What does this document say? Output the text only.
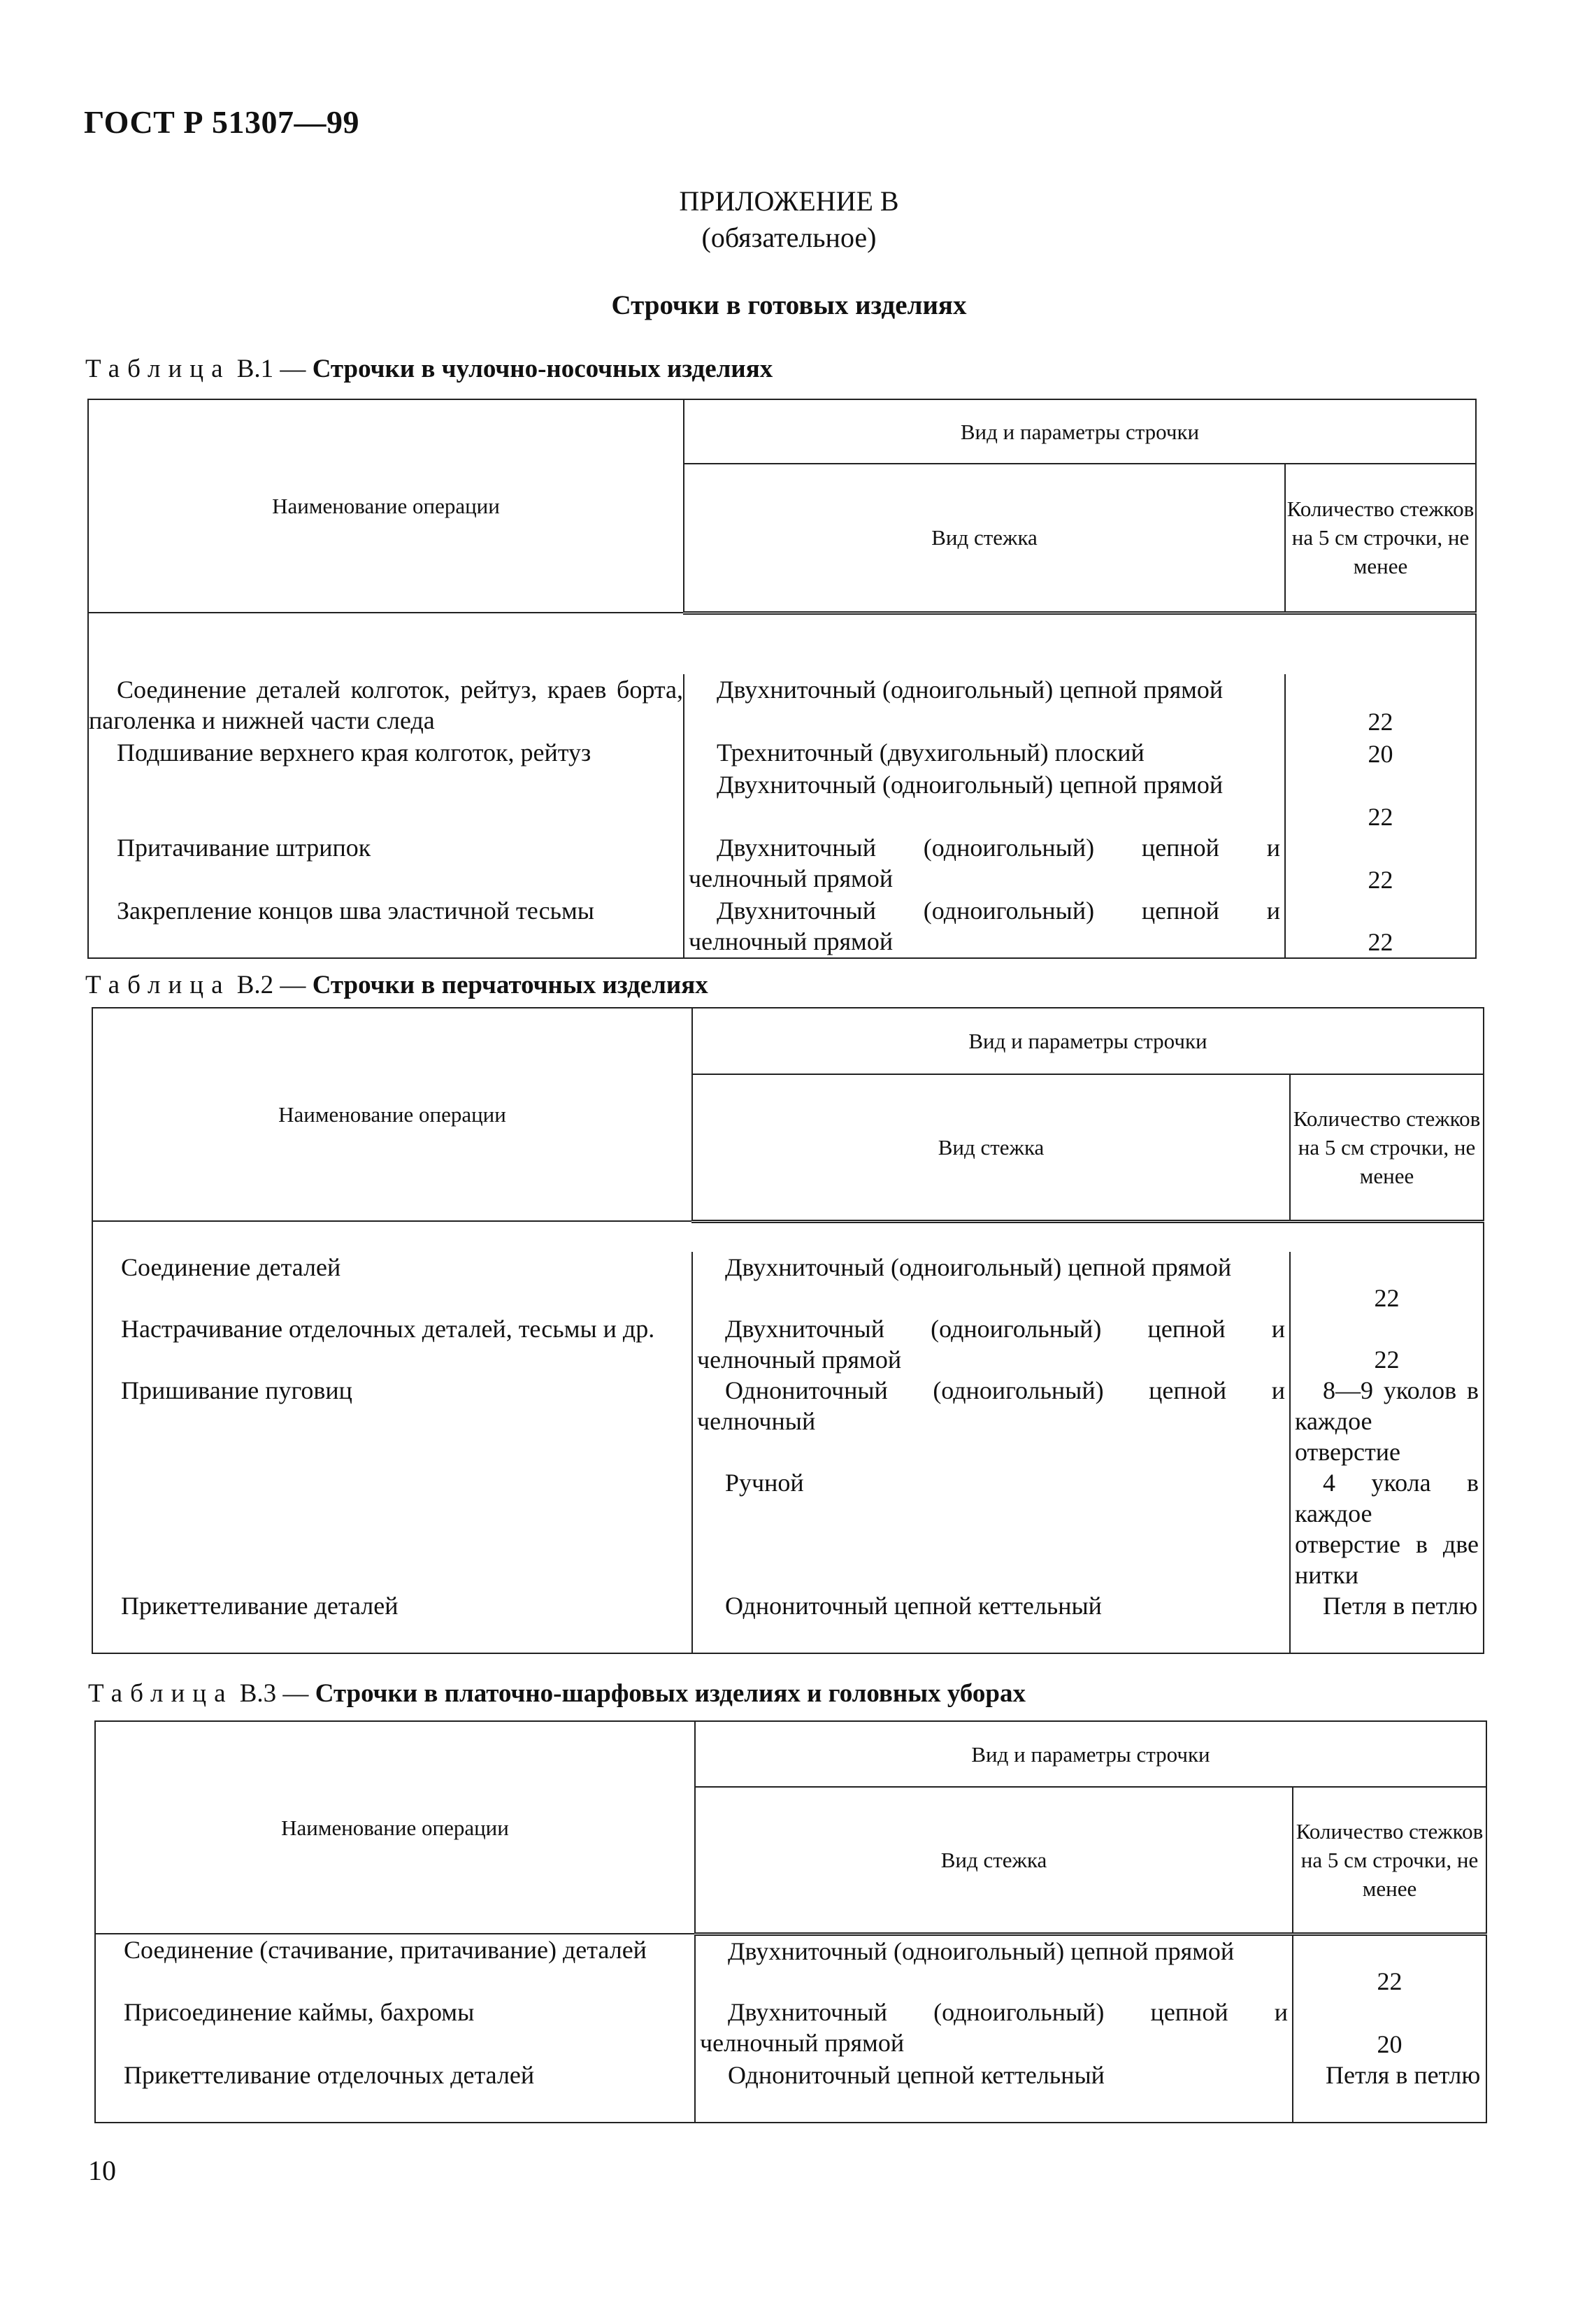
ГОСТ Р 51307—99
ПРИЛОЖЕНИЕ В
(обязательное)
Строчки в готовых изделиях
Таблица В.1 — Строчки в чулочно-носочных изделиях
Наименование операции	Вид и параметры строчки	
	Вид стежка	Количество стежков на 5 см строчки, не менее

Соединение деталей колготок, рейтуз, краев борта, паголенка и нижней части следа	Двухниточный (одноигольный) цепной прямой	22

Подшивание верхнего края колготок, рейтуз	Трехниточный (двухигольный) плоский	20

	Двухниточный (одноигольный) цепной прямой	22

Притачивание штрипок	Двухниточный (одноигольный) цепной и челночный прямой	22

Закрепление концов шва эластичной тесьмы	Двухниточный (одноигольный) цепной и челночный прямой	22
Таблица В.2 — Строчки в перчаточных изделиях
Наименование операции	Вид и параметры строчки	
	Вид стежка	Количество стежков на 5 см строчки, не менее

Соединение деталей	Двухниточный (одноигольный) цепной прямой	22

Настрачивание отделочных деталей, тесьмы и др.	Двухниточный (одноигольный) цепной и челночный прямой	22

Пришивание пуговиц	Однониточный (одноигольный) цепной и челночный	8—9 уколов в каждое отверстие

	Ручной	4 укола в каждое отверстие в две нитки

Прикеттеливание деталей	Однониточный цепной кеттельный	Петля в петлю
Таблица В.3 — Строчки в платочно-шарфовых изделиях и головных уборах
Наименование операции	Вид и параметры строчки	
	Вид стежка	Количество стежков на 5 см строчки, не менее

Соединение (стачивание, притачивание) деталей	Двухниточный (одноигольный) цепной прямой	22

Присоединение каймы, бахромы	Двухниточный (одноигольный) цепной и челночный прямой	20

Прикеттеливание отделочных деталей	Однониточный цепной кеттельный	Петля в петлю
10
